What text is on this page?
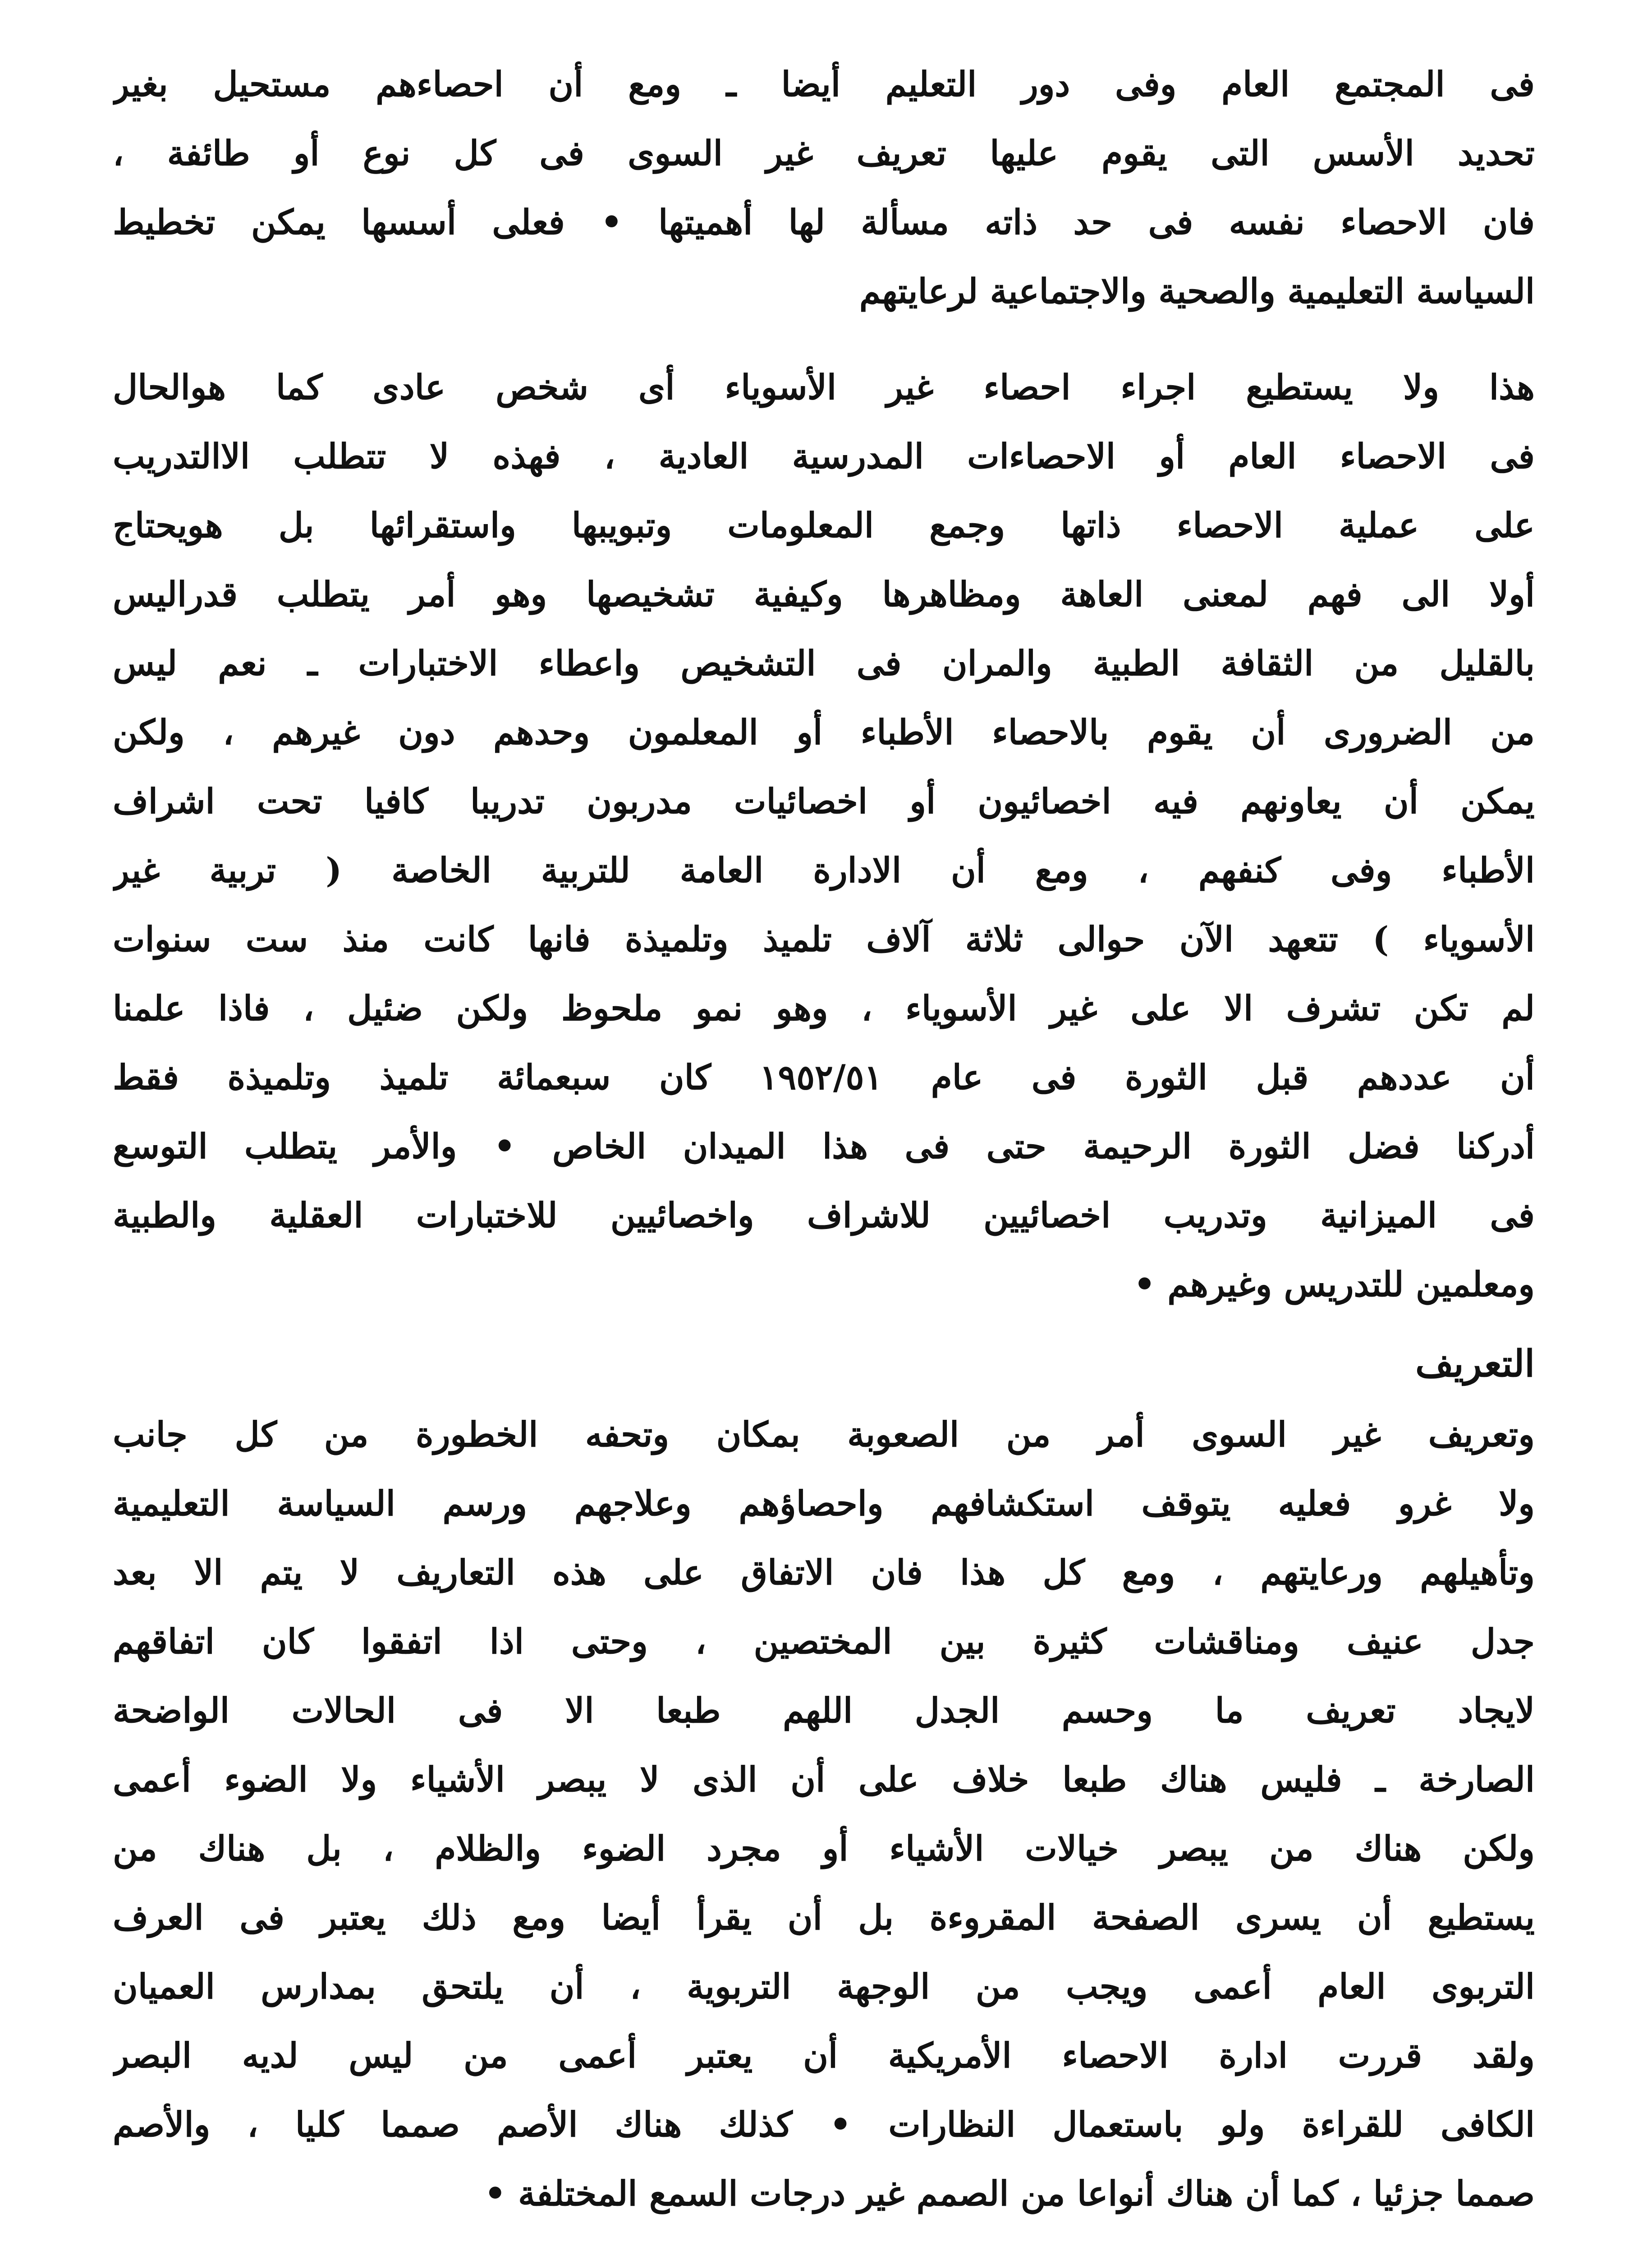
فى المجتمع العام وفى دور التعليم أيضا ـ ومع أن احصاءهم مستحيل بغير
تحديد الأسس التى يقوم عليها تعريف غير السوى فى كل نوع أو طائفة ،
فان الاحصاء نفسه فى حد ذاته مسألة لها أهميتها • فعلى أسسها يمكن تخطيط
السياسة التعليمية والصحية والاجتماعية لرعايتهم
هذا ولا يستطيع اجراء احصاء غير الأسوياء أى شخص عادى كما هوالحال
فى الاحصاء العام أو الاحصاءات المدرسية العادية ، فهذه لا تتطلب الاالتدريب
على عملية الاحصاء ذاتها وجمع المعلومات وتبويبها واستقرائها بل هويحتاج
أولا الى فهم لمعنى العاهة ومظاهرها وكيفية تشخيصها وهو أمر يتطلب قدراليس
بالقليل من الثقافة الطبية والمران فى التشخيص واعطاء الاختبارات ـ نعم ليس
من الضرورى أن يقوم بالاحصاء الأطباء أو المعلمون وحدهم دون غيرهم ، ولكن
يمكن أن يعاونهم فيه اخصائيون أو اخصائيات مدربون تدريبا كافيا تحت اشراف
الأطباء وفى كنفهم ، ومع أن الادارة العامة للتربية الخاصة ( تربية غير
الأسوياء ) تتعهد الآن حوالى ثلاثة آلاف تلميذ وتلميذة فانها كانت منذ ست سنوات
لم تكن تشرف الا على غير الأسوياء ، وهو نمو ملحوظ ولكن ضئيل ، فاذا علمنا
أن عددهم قبل الثورة فى عام ١٩٥٢/٥١ كان سبعمائة تلميذ وتلميذة فقط
أدركنا فضل الثورة الرحيمة حتى فى هذا الميدان الخاص • والأمر يتطلب التوسع
فى الميزانية وتدريب اخصائيين للاشراف واخصائيين للاختبارات العقلية والطبية
ومعلمين للتدريس وغيرهم •
التعريف
وتعريف غير السوى أمر من الصعوبة بمكان وتحفه الخطورة من كل جانب
ولا غرو فعليه يتوقف استكشافهم واحصاؤهم وعلاجهم ورسم السياسة التعليمية
وتأهيلهم ورعايتهم ، ومع كل هذا فان الاتفاق على هذه التعاريف لا يتم الا بعد
جدل عنيف ومناقشات كثيرة بين المختصين ، وحتى اذا اتفقوا كان اتفاقهم
لايجاد تعريف ما وحسم الجدل اللهم طبعا الا فى الحالات الواضحة
الصارخة ـ فليس هناك طبعا خلاف على أن الذى لا يبصر الأشياء ولا الضوء أعمى
ولكن هناك من يبصر خيالات الأشياء أو مجرد الضوء والظلام ، بل هناك من
يستطيع أن يسرى الصفحة المقروءة بل أن يقرأ أيضا ومع ذلك يعتبر فى العرف
التربوى العام أعمى ويجب من الوجهة التربوية ، أن يلتحق بمدارس العميان
ولقد قررت ادارة الاحصاء الأمريكية أن يعتبر أعمى من ليس لديه البصر
الكافى للقراءة ولو باستعمال النظارات • كذلك هناك الأصم صمما كليا ، والأصم
صمما جزئيا ، كما أن هناك أنواعا من الصمم غير درجات السمع المختلفة •
